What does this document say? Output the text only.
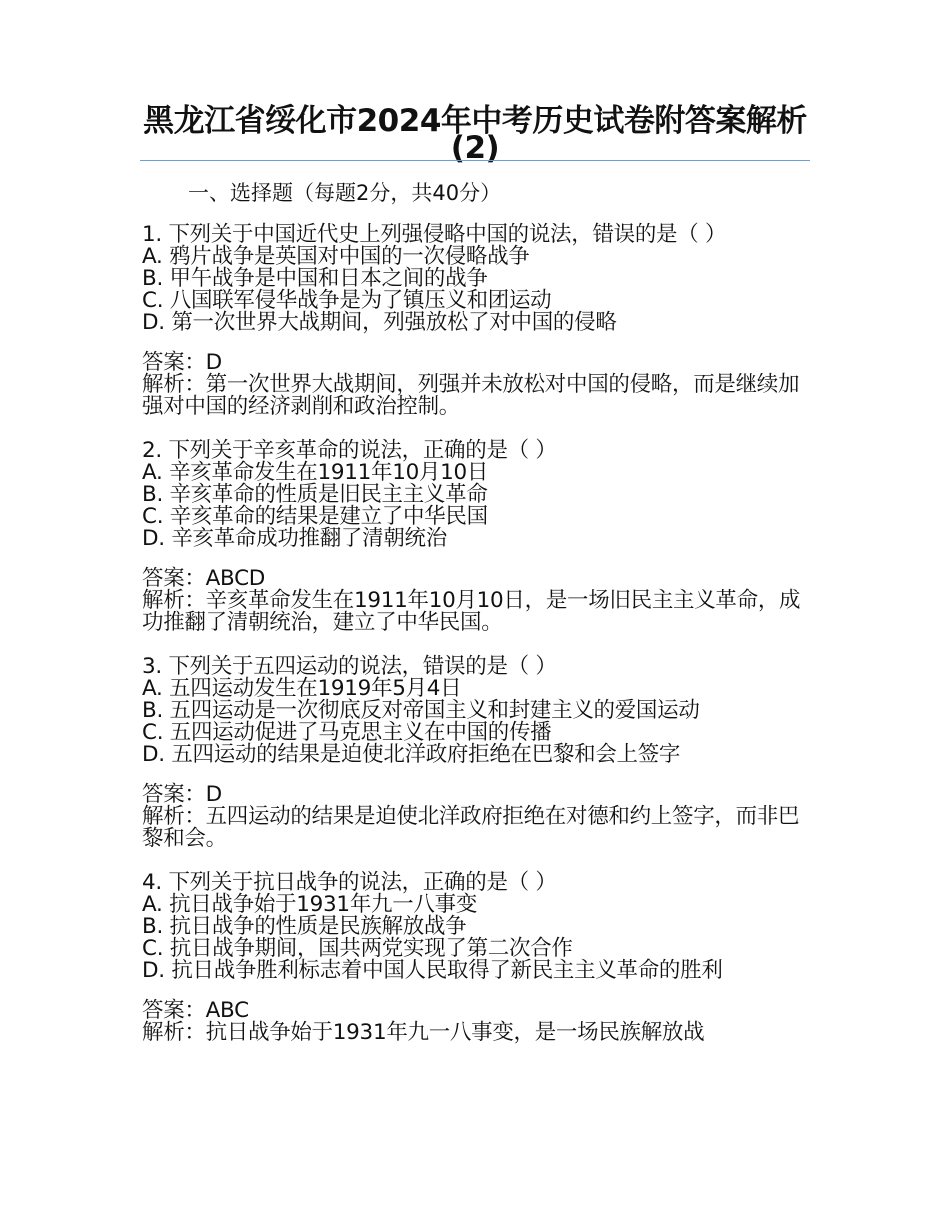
黑龙江省绥化市2024年中考历史试卷附答案解析(2)
一、选择题（每题2分，共40分）
1. 下列关于中国近代史上列强侵略中国的说法，错误的是（ ）
A. 鸦片战争是英国对中国的一次侵略战争
B. 甲午战争是中国和日本之间的战争
C. 八国联军侵华战争是为了镇压义和团运动
D. 第一次世界大战期间，列强放松了对中国的侵略
答案：D
解析：第一次世界大战期间，列强并未放松对中国的侵略，而是继续加强对中国的经济剥削和政治控制。
2. 下列关于辛亥革命的说法，正确的是（ ）
A. 辛亥革命发生在1911年10月10日
B. 辛亥革命的性质是旧民主主义革命
C. 辛亥革命的结果是建立了中华民国
D. 辛亥革命成功推翻了清朝统治
答案：ABCD
解析：辛亥革命发生在1911年10月10日，是一场旧民主主义革命，成功推翻了清朝统治，建立了中华民国。
3. 下列关于五四运动的说法，错误的是（ ）
A. 五四运动发生在1919年5月4日
B. 五四运动是一次彻底反对帝国主义和封建主义的爱国运动
C. 五四运动促进了马克思主义在中国的传播
D. 五四运动的结果是迫使北洋政府拒绝在巴黎和会上签字
答案：D
解析：五四运动的结果是迫使北洋政府拒绝在对德和约上签字，而非巴黎和会。
4. 下列关于抗日战争的说法，正确的是（ ）
A. 抗日战争始于1931年九一八事变
B. 抗日战争的性质是民族解放战争
C. 抗日战争期间，国共两党实现了第二次合作
D. 抗日战争胜利标志着中国人民取得了新民主主义革命的胜利
答案：ABC
解析：抗日战争始于1931年九一八事变，是一场民族解放战
